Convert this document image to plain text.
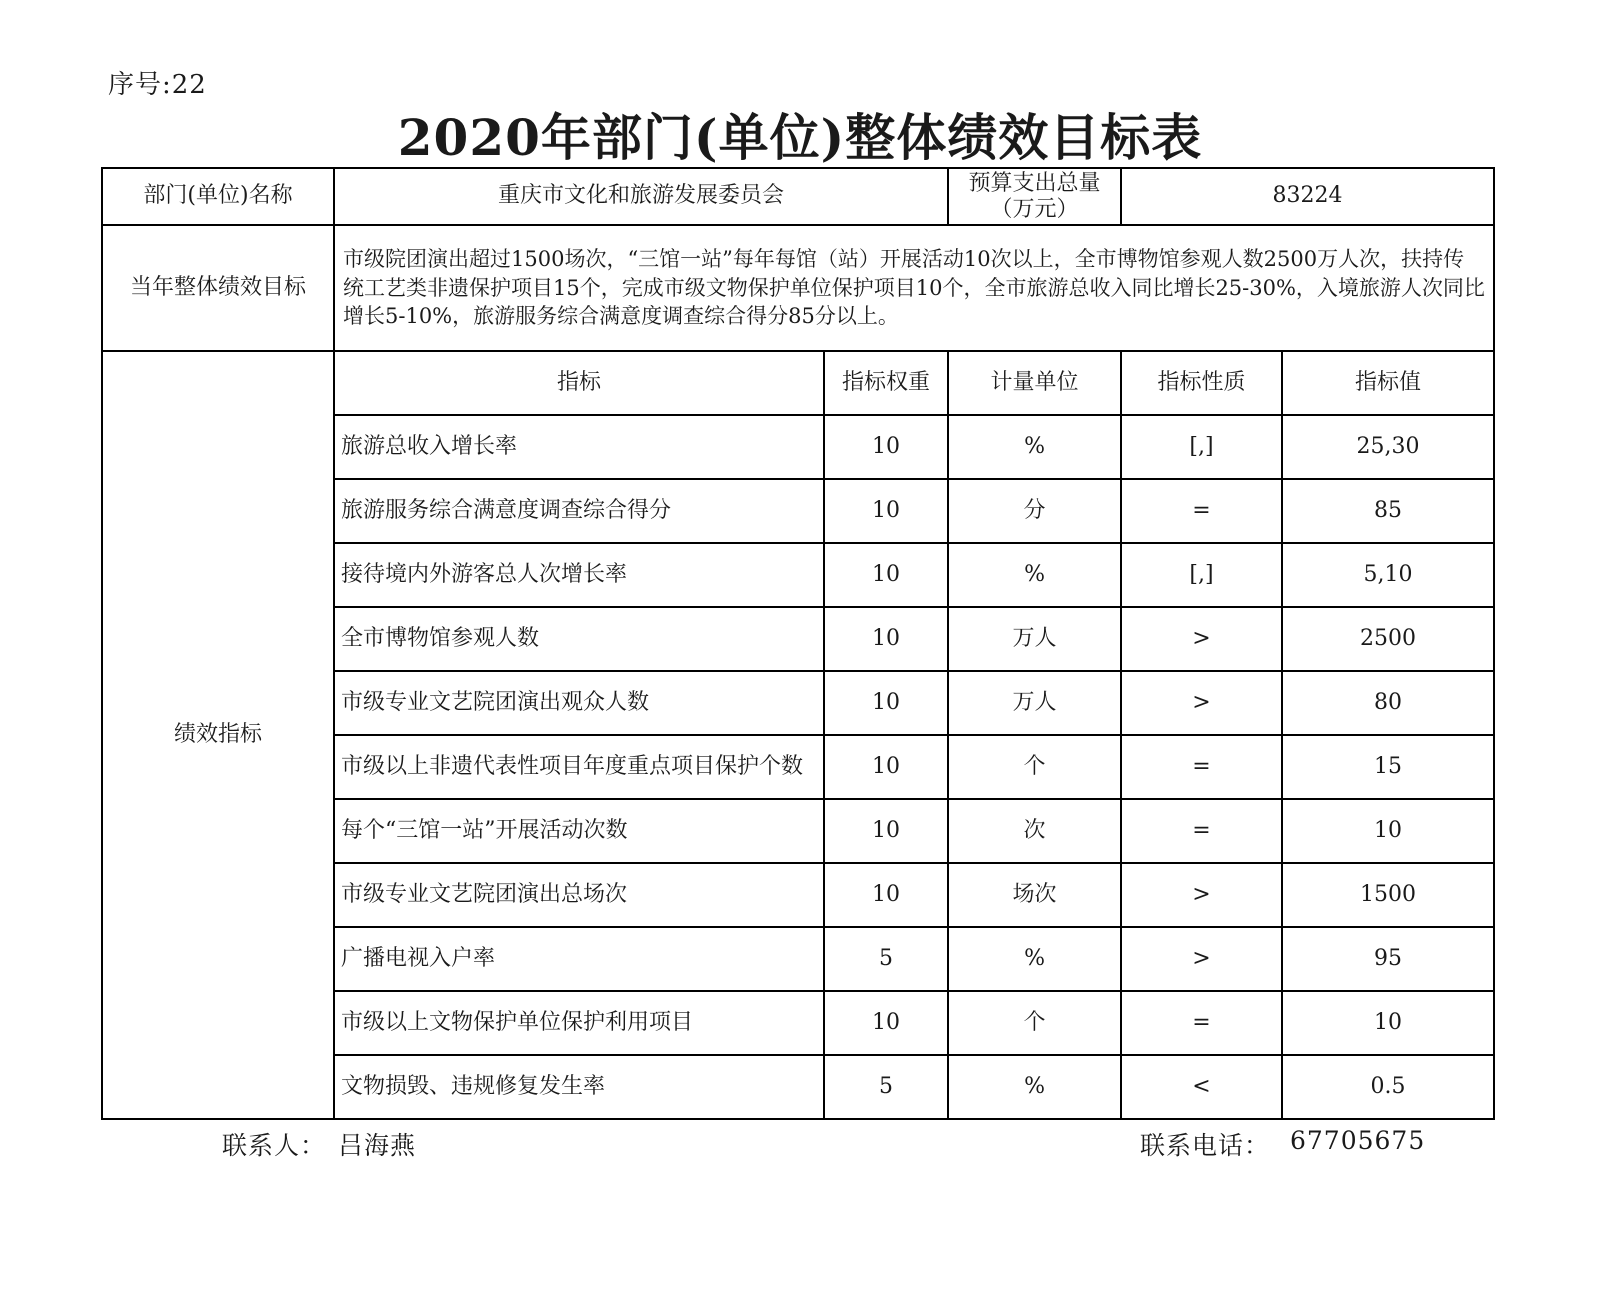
序号:22
2020年部门(单位)整体绩效目标表
部门(单位)名称	重庆市文化和旅游发展委员会		预算支出总量（万元）	83224	
当年整体绩效目标	市级院团演出超过1500场次，“三馆一站”每年每馆（站）开展活动10次以上，全市博物馆参观人数2500万人次，扶持传统工艺类非遗保护项目15个，完成市级文物保护单位保护项目10个，全市旅游总收入同比增长25-30%，入境旅游人次同比增长5-10%，旅游服务综合满意度调查综合得分85分以上。				
绩效指标	指标	指标权重	计量单位	指标性质	指标值
	旅游总收入增长率	10	%	[,]	25,30
	旅游服务综合满意度调查综合得分	10	分	=	85
	接待境内外游客总人次增长率	10	%	[,]	5,10
	全市博物馆参观人数	10	万人	>	2500
	市级专业文艺院团演出观众人数	10	万人	>	80
	市级以上非遗代表性项目年度重点项目保护个数	10	个	=	15
	每个“三馆一站”开展活动次数	10	次	=	10
	市级专业文艺院团演出总场次	10	场次	>	1500
	广播电视入户率	5	%	>	95
	市级以上文物保护单位保护利用项目	10	个	=	10
	文物损毁、违规修复发生率	5	%	<	0.5
联系人： 吕海燕	联系电话： 67705675
